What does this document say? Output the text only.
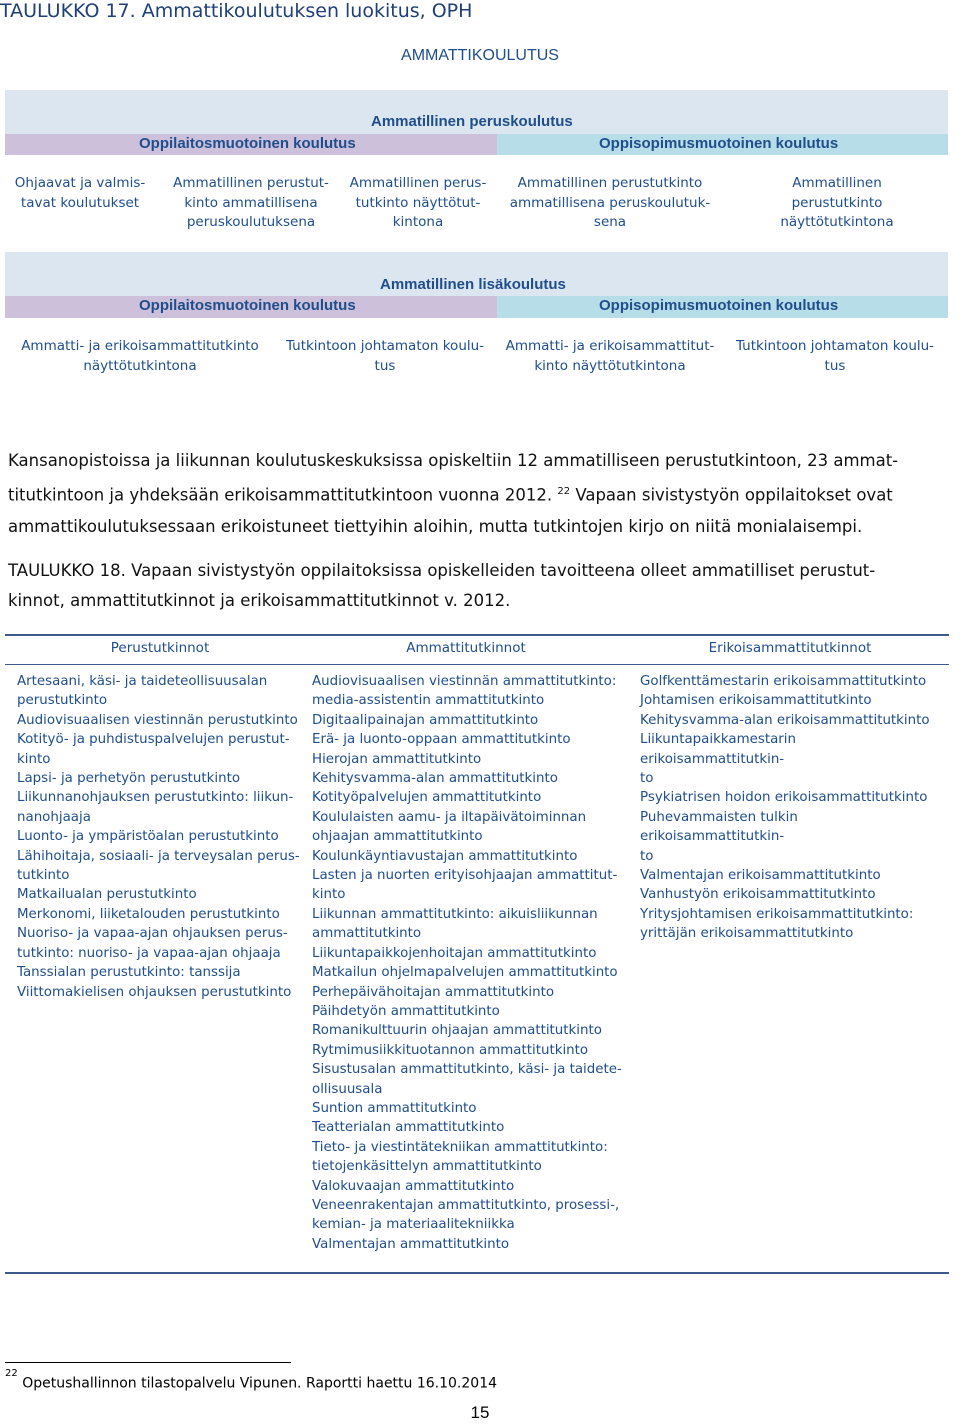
TAULUKKO 17. Ammattikoulutuksen luokitus, OPH
AMMATTIKOULUTUS
Ammatillinen peruskoulutus
Oppilaitosmuotoinen koulutus	Oppisopimusmuotoinen koulutus
Ohjaavat ja valmis-
tavat koulutukset
Ammatillinen perustut-
kinto ammatillisena
peruskoulutuksena
Ammatillinen perus-
tutkinto näyttötut-
kintona
Ammatillinen perustutkinto
ammatillisena peruskoulutuk-
sena
Ammatillinen
perustutkinto
näyttötutkintona
Ammatillinen lisäkoulutus
Oppilaitosmuotoinen koulutus	Oppisopimusmuotoinen koulutus
Ammatti- ja erikoisammattitutkinto
näyttötutkintona
Tutkintoon johtamaton koulu-
tus
Ammatti- ja erikoisammattitut-
kinto näyttötutkintona
Tutkintoon johtamaton koulu-
tus
Kansanopistoissa ja liikunnan koulutuskeskuksissa opiskeltiin 12 ammatilliseen perustutkintoon, 23 ammat-
titutkintoon ja yhdeksään erikoisammattitutkintoon vuonna 2012. $^{22}$ Vapaan sivistystyön oppilaitokset ovat
ammattikoulutuksessaan erikoistuneet tiettyihin aloihin, mutta tutkintojen kirjo on niitä monialaisempi.
TAULUKKO 18. Vapaan sivistystyön oppilaitoksissa opiskelleiden tavoitteena olleet ammatilliset perustut-
kinnot, ammattitutkinnot ja erikoisammattitutkinnot v. 2012.
Perustutkinnot	Ammattitutkinnot	Erikoisammattitutkinnot
Artesaani, käsi- ja taideteollisuusalan
perustutkinto
Audiovisuaalisen viestinnän perustutkinto
Kotityö- ja puhdistuspalvelujen perustut-
kinto
Lapsi- ja perhetyön perustutkinto
Liikunnanohjauksen perustutkinto: liikun-
nanohjaaja
Luonto- ja ympäristöalan perustutkinto
Lähihoitaja, sosiaali- ja terveysalan perus-
tutkinto
Matkailualan perustutkinto
Merkonomi, liiketalouden perustutkinto
Nuoriso- ja vapaa-ajan ohjauksen perus-
tutkinto: nuoriso- ja vapaa-ajan ohjaaja
Tanssialan perustutkinto: tanssija
Viittomakielisen ohjauksen perustutkinto
Audiovisuaalisen viestinnän ammattitutkinto:
media-assistentin ammattitutkinto
Digitaalipainajan ammattitutkinto
Erä- ja luonto-oppaan ammattitutkinto
Hierojan ammattitutkinto
Kehitysvamma-alan ammattitutkinto
Kotityöpalvelujen ammattitutkinto
Koululaisten aamu- ja iltapäivätoiminnan
ohjaajan ammattitutkinto
Koulunkäyntiavustajan ammattitutkinto
Lasten ja nuorten erityisohjaajan ammattitut-
kinto
Liikunnan ammattitutkinto: aikuisliikunnan
ammattitutkinto
Liikuntapaikkojenhoitajan ammattitutkinto
Matkailun ohjelmapalvelujen ammattitutkinto
Perhepäivähoitajan ammattitutkinto
Päihdetyön ammattitutkinto
Romanikulttuurin ohjaajan ammattitutkinto
Rytmimusiikkituotannon ammattitutkinto
Sisustusalan ammattitutkinto, käsi- ja taidete-
ollisuusala
Suntion ammattitutkinto
Teatterialan ammattitutkinto
Tieto- ja viestintätekniikan ammattitutkinto:
tietojenkäsittelyn ammattitutkinto
Valokuvaajan ammattitutkinto
Veneenrakentajan ammattitutkinto, prosessi-,
kemian- ja materiaalitekniikka
Valmentajan ammattitutkinto
Golfkenttämestarin erikoisammattitutkinto
Johtamisen erikoisammattitutkinto
Kehitysvamma-alan erikoisammattitutkinto
Liikuntapaikkamestarin erikoisammattitutkin-
to
Psykiatrisen hoidon erikoisammattitutkinto
Puhevammaisten tulkin erikoisammattitutkin-
to
Valmentajan erikoisammattitutkinto
Vanhustyön erikoisammattitutkinto
Yritysjohtamisen erikoisammattitutkinto:
yrittäjän erikoisammattitutkinto
$^{22}$ Opetushallinnon tilastopalvelu Vipunen. Raportti haettu 16.10.2014
15
